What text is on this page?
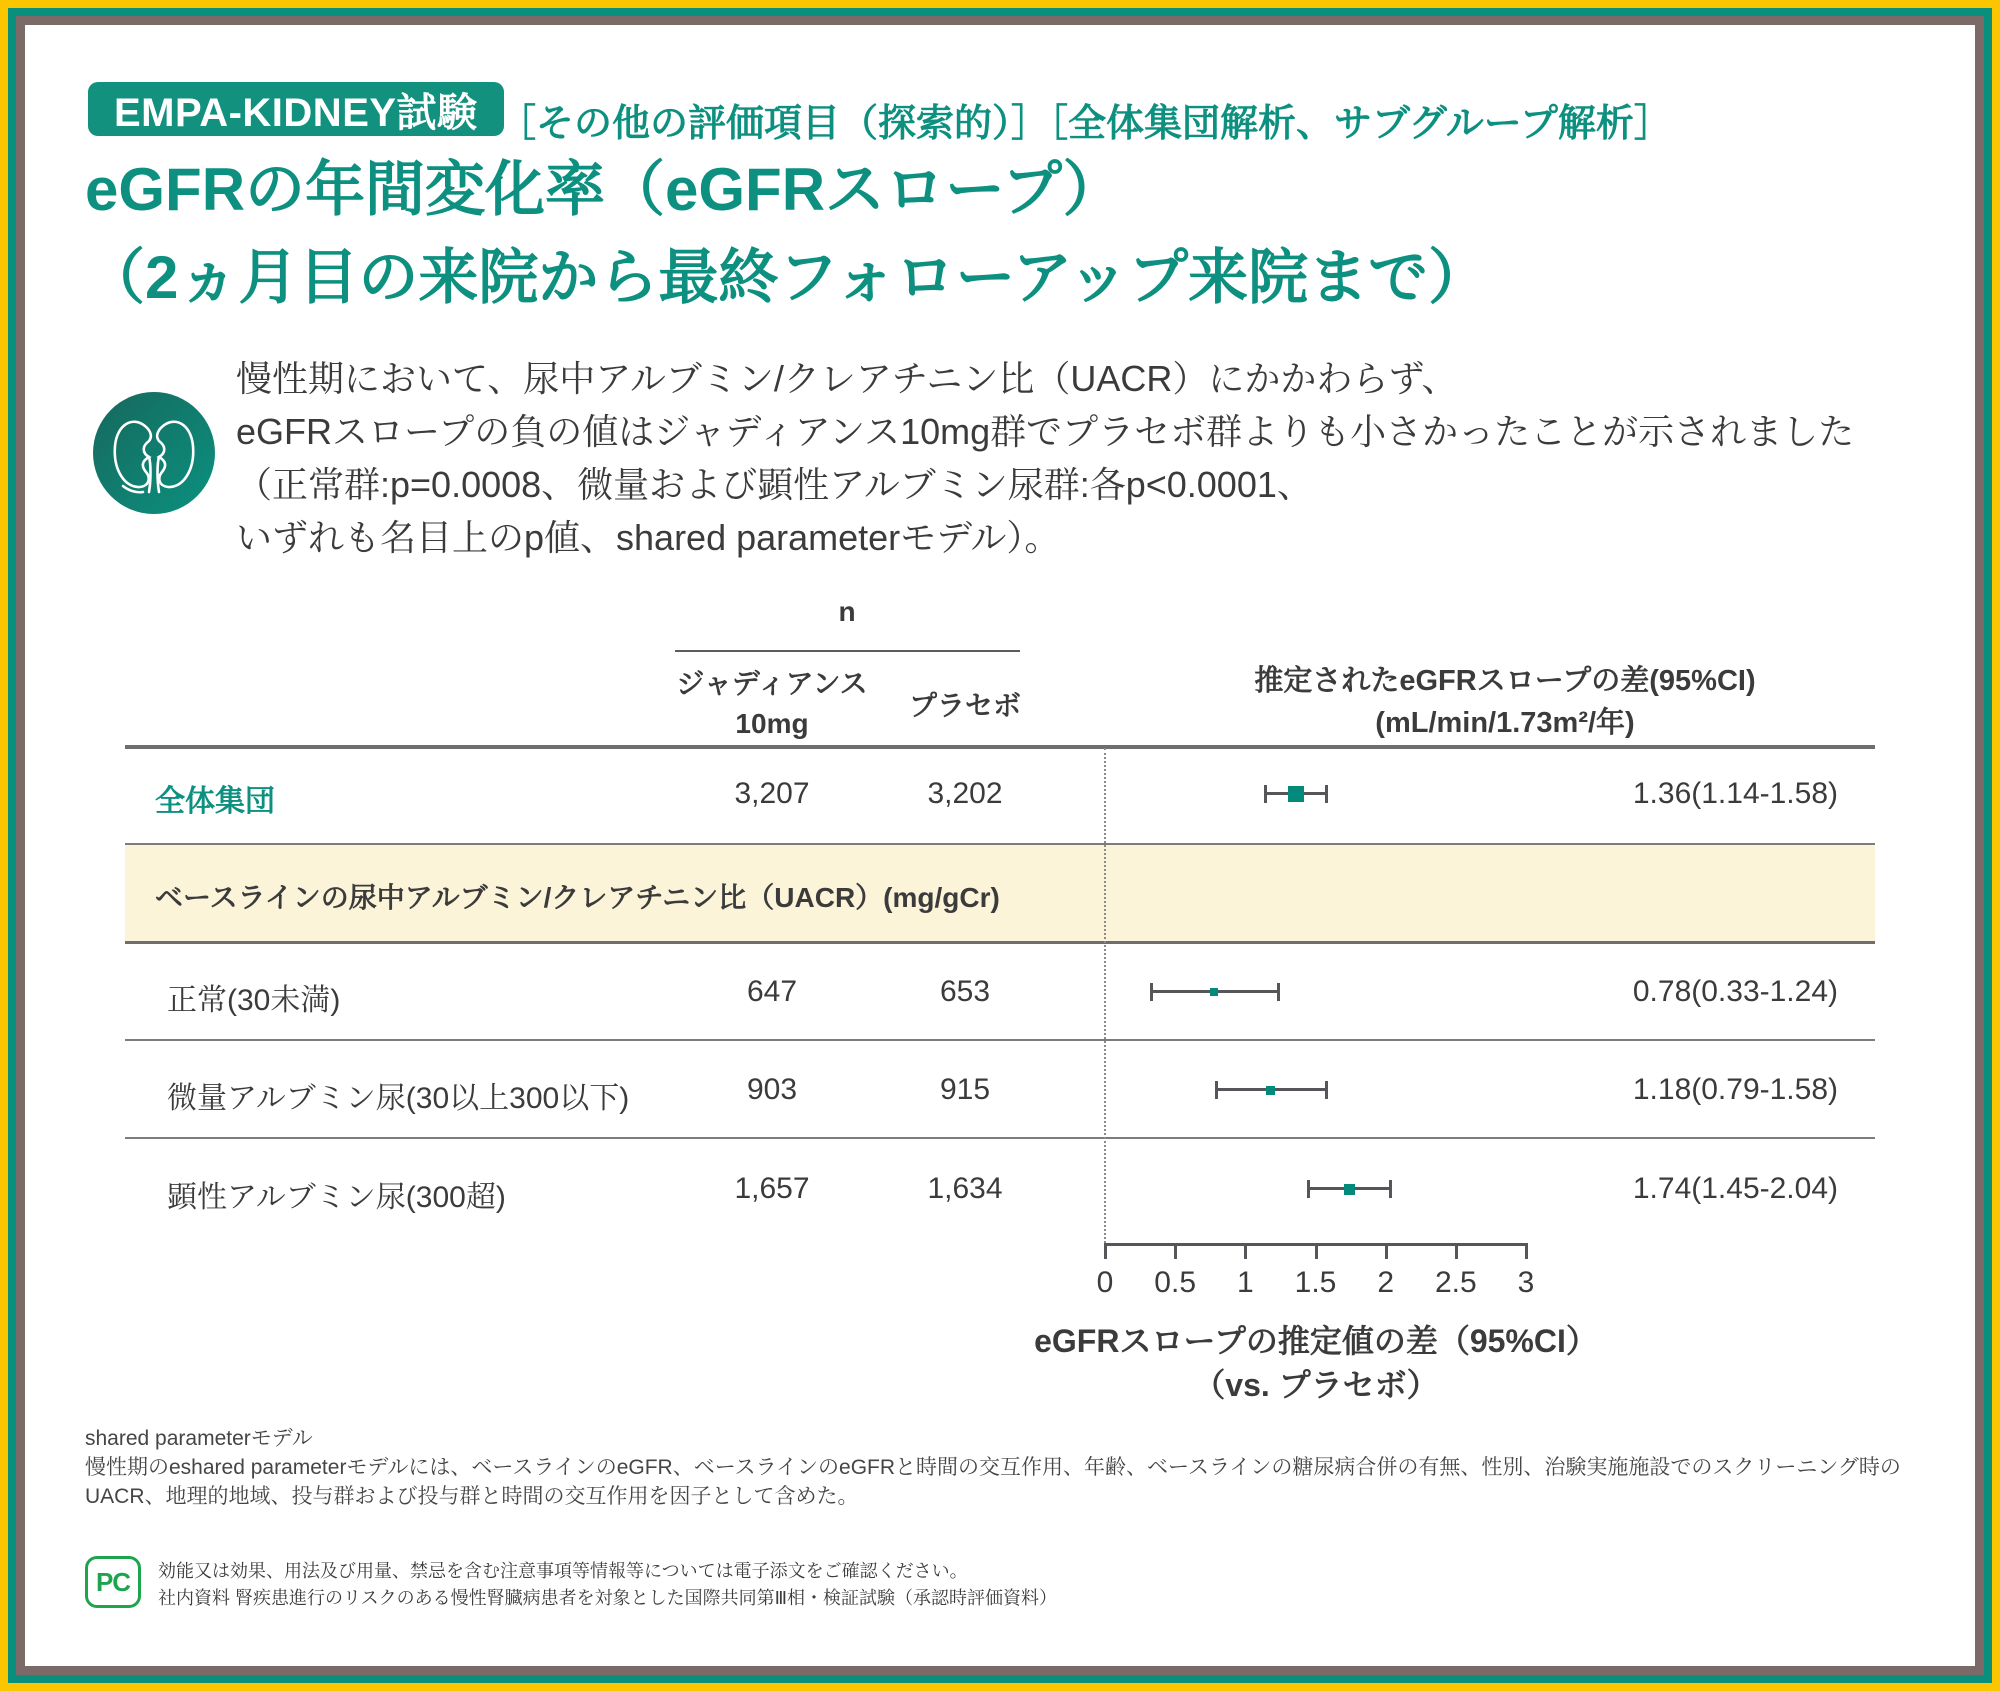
EMPA-KIDNEY試験 ［その他の評価項目（探索的）］［全体集団解析、サブグループ解析］
eGFRの年間変化率（eGFRスロープ）
（2ヵ月目の来院から最終フォローアップ来院まで）
慢性期において、尿中アルブミン/クレアチニン比（UACR）にかかわらず、
eGFRスロープの負の値はジャディアンス10mg群でプラセボ群よりも小さかったことが示されました
（正常群:p=0.0008、微量および顕性アルブミン尿群:各p<0.0001、
いずれも名目上のp値、shared parameterモデル）。
n
ジャディアンス
10mg
プラセボ
推定されたeGFRスロープの差(95%CI)
(mL/min/1.73m²/年)
ベースラインの尿中アルブミン/クレアチニン比（UACR）(mg/gCr)
全体集団	3,207	3,202	1.36(1.14-1.58)
正常(30未満)	647	653	0.78(0.33-1.24)
微量アルブミン尿(30以上300以下)	903	915	1.18(0.79-1.58)
顕性アルブミン尿(300超)	1,657	1,634	1.74(1.45-2.04)
0	0.5	1	1.5	2	2.5	3
eGFRスロープの推定値の差（95%CI）
（vs. プラセボ）
shared parameterモデル
慢性期のeshared parameterモデルには、ベースラインのeGFR、ベースラインのeGFRと時間の交互作用、年齢、ベースラインの糖尿病合併の有無、性別、治験実施施設でのスクリーニング時の
UACR、地理的地域、投与群および投与群と時間の交互作用を因子として含めた。
PC	効能又は効果、用法及び用量、禁忌を含む注意事項等情報等については電子添文をご確認ください。
社内資料 腎疾患進行のリスクのある慢性腎臓病患者を対象とした国際共同第Ⅲ相・検証試験（承認時評価資料）
